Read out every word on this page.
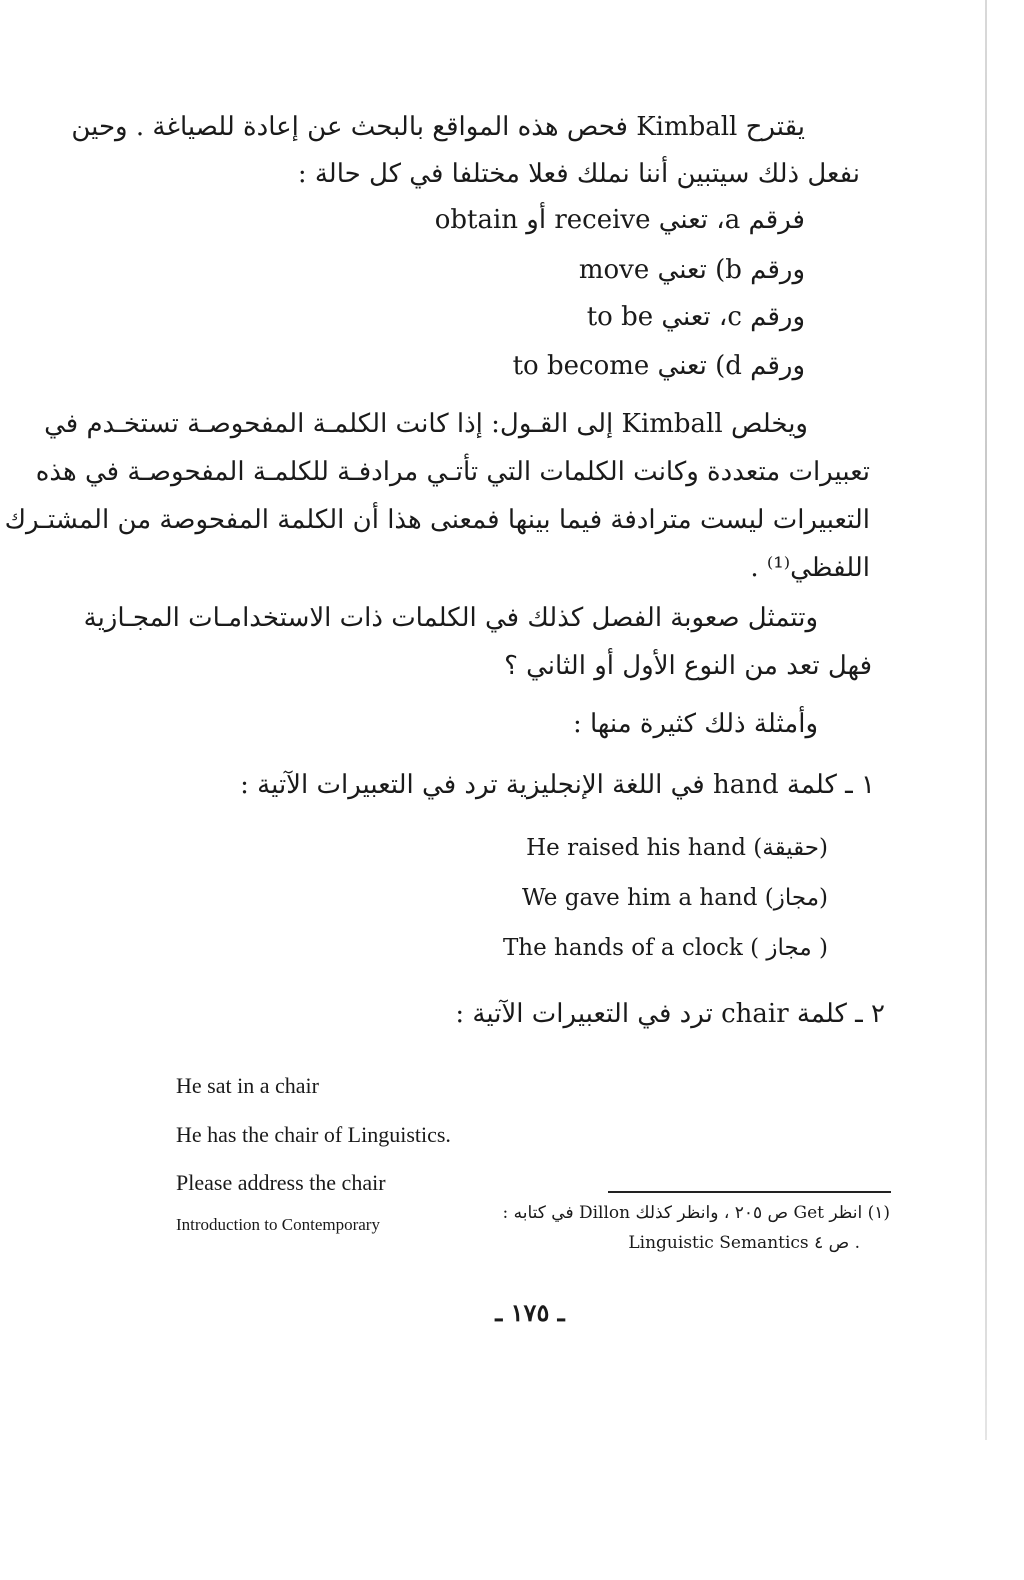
يقترح Kimball فحص هذه المواقع بالبحث عن إعادة للصياغة . وحين
نفعل ذلك سيتبين أننا نملك فعلا مختلفا في كل حالة :
فرقم a، تعني receive أو obtain
ورقم b) تعني move
ورقم c، تعني to be
ورقم d) تعني to become
ويخلص Kimball إلى القـول: إذا كانت الكلمـة المفحوصـة تستخـدم في
تعبيرات متعددة وكانت الكلمات التي تأتـي مرادفـة للكلمـة المفحوصـة في هذه
التعبيرات ليست مترادفة فيما بينها فمعنى هذا أن الكلمة المفحوصة من المشتـرك
اللفظي⁽¹⁾ .
وتتمثل صعوبة الفصل كذلك في الكلمات ذات الاستخدامـات المجـازية
فهل تعد من النوع الأول أو الثاني ؟
وأمثلة ذلك كثيرة منها :
١ ـ كلمة hand في اللغة الإنجليزية ترد في التعبيرات الآتية :
(حقيقة) He raised his hand
(مجاز) We gave him a hand
( مجاز ) The hands of a clock
٢ ـ كلمة chair ترد في التعبيرات الآتية :
He sat in a chair
He has the chair of Linguistics.
Please address the chair
(١) انظر Get ص ٢٠٥ ، وانظر كذلك Dillon في كتابه :
Introduction to Contemporary
Linguistic Semantics ص ٤ .
ـ ١٧٥ ـ
